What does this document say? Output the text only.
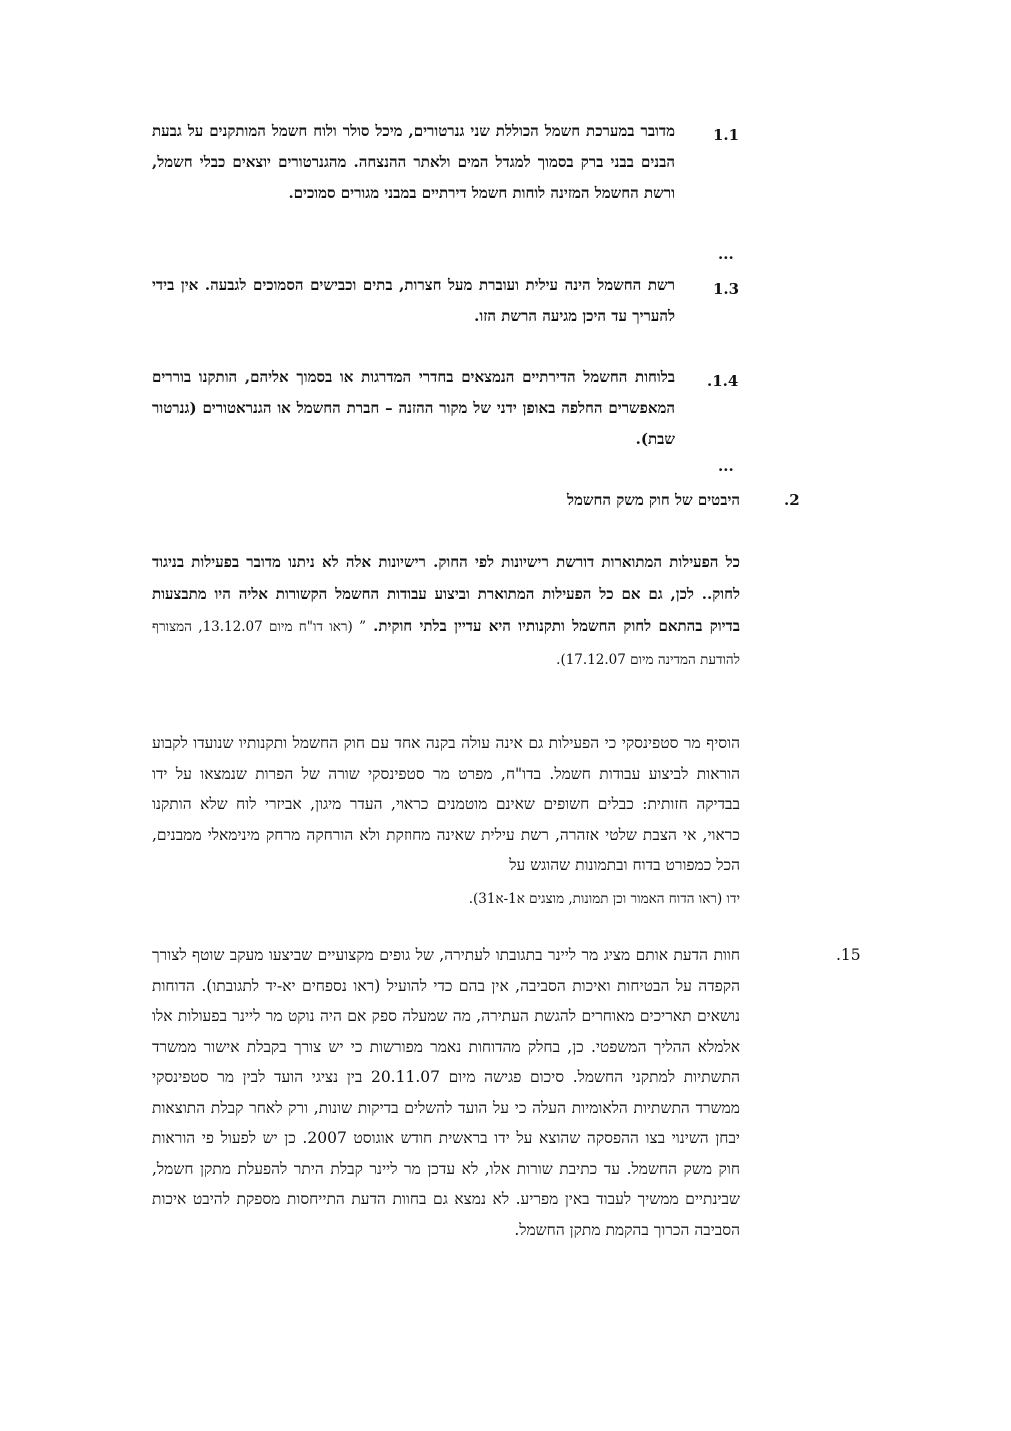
1.1
מדובר במערכת חשמל הכוללת שני גנרטורים, מיכל סולר ולוח חשמל המותקנים על גבעת הבנים בבני ברק בסמוך למגדל המים ולאתר ההנצחה. מהגנרטורים יוצאים כבלי חשמל, ורשת החשמל המזינה לוחות חשמל דירתיים במבני מגורים סמוכים.
...
1.3
רשת החשמל הינה עילית ועוברת מעל חצרות, בתים וכבישים הסמוכים לגבעה. אין בידי להעריך עד היכן מגיעה הרשת הזו.
.1.4
בלוחות החשמל הדירתיים הנמצאים בחדרי המדרגות או בסמוך אליהם, הותקנו בוררים המאפשרים החלפה באופן ידני של מקור ההזנה – חברת החשמל או הגנראטורים (גנרטור שבת).
...
.2
היבטים של חוק משק החשמל
כל הפעילות המתוארות דורשת רישיונות לפי החוק. רישיונות אלה לא ניתנו מדובר בפעילות בניגוד לחוק.. לכן, גם אם כל הפעילות המתוארת וביצוע עבודות החשמל הקשורות אליה היו מתבצעות בדיוק בהתאם לחוק החשמל ותקנותיו היא עדיין בלתי חוקית. ” (ראו דו"ח מיום 13.12.07, המצורף להודעת המדינה מיום 17.12.07).
הוסיף מר סטפינסקי כי הפעילות גם אינה עולה בקנה אחד עם חוק החשמל ותקנותיו שנועדו לקבוע הוראות לביצוע עבודות חשמל. בדו"ח, מפרט מר סטפינסקי שורה של הפרות שנמצאו על ידו בבדיקה חזותית: כבלים חשופים שאינם מוטמנים כראוי, העדר מיגון, אביזרי לוח שלא הותקנו כראוי, אי הצבת שלטי אזהרה, רשת עילית שאינה מחוזקת ולא הורחקה מרחק מינימאלי ממבנים, הכל כמפורט בדוח ובתמונות שהוגש על
ידו (ראו הדוח האמור וכן תמונות, מוצגים א1-א31).
.15
חוות הדעת אותם מציג מר ליינר בתגובתו לעתירה, של גופים מקצועיים שביצעו מעקב שוטף לצורך הקפדה על הבטיחות ואיכות הסביבה, אין בהם כדי להועיל (ראו נספחים יא-יד לתגובתו). הדוחות נושאים תאריכים מאוחרים להגשת העתירה, מה שמעלה ספק אם היה נוקט מר ליינר בפעולות אלו אלמלא ההליך המשפטי. כן, בחלק מהדוחות נאמר מפורשות כי יש צורך בקבלת אישור ממשרד התשתיות למתקני החשמל. סיכום פגישה מיום 20.11.07 בין נציגי הועד לבין מר סטפינסקי ממשרד התשתיות הלאומיות העלה כי על הועד להשלים בדיקות שונות, ורק לאחר קבלת התוצאות יבחן השינוי בצו ההפסקה שהוצא על ידו בראשית חודש אוגוסט 2007. כן יש לפעול פי הוראות חוק משק החשמל. עד כתיבת שורות אלו, לא עדכן מר ליינר קבלת היתר להפעלת מתקן חשמל, שבינתיים ממשיך לעבוד באין מפריע. לא נמצא גם בחוות הדעת התייחסות מספקת להיבט איכות הסביבה הכרוך בהקמת מתקן החשמל.
